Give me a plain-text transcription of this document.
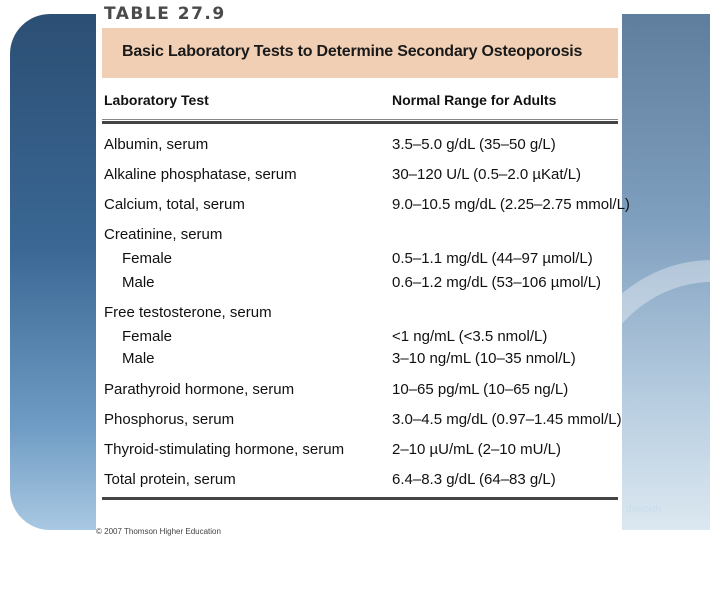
dsworth
TABLE 27.9
Basic Laboratory Tests to Determine Secondary Osteoporosis
Laboratory Test	Normal Range for Adults
Albumin, serum	3.5–5.0 g/dL (35–50 g/L)
Alkaline phosphatase, serum	30–120 U/L (0.5–2.0 µKat/L)
Calcium, total, serum	9.0–10.5 mg/dL (2.25–2.75 mmol/L)
Creatinine, serum
Female	0.5–1.1 mg/dL (44–97 µmol/L)
Male	0.6–1.2 mg/dL (53–106 µmol/L)
Free testosterone, serum
Female	<1 ng/mL (<3.5 nmol/L)
Male	3–10 ng/mL (10–35 nmol/L)
Parathyroid hormone, serum	10–65 pg/mL (10–65 ng/L)
Phosphorus, serum	3.0–4.5 mg/dL (0.97–1.45 mmol/L)
Thyroid-stimulating hormone, serum	2–10 µU/mL (2–10 mU/L)
Total protein, serum	6.4–8.3 g/dL (64–83 g/L)
© 2007 Thomson Higher Education
